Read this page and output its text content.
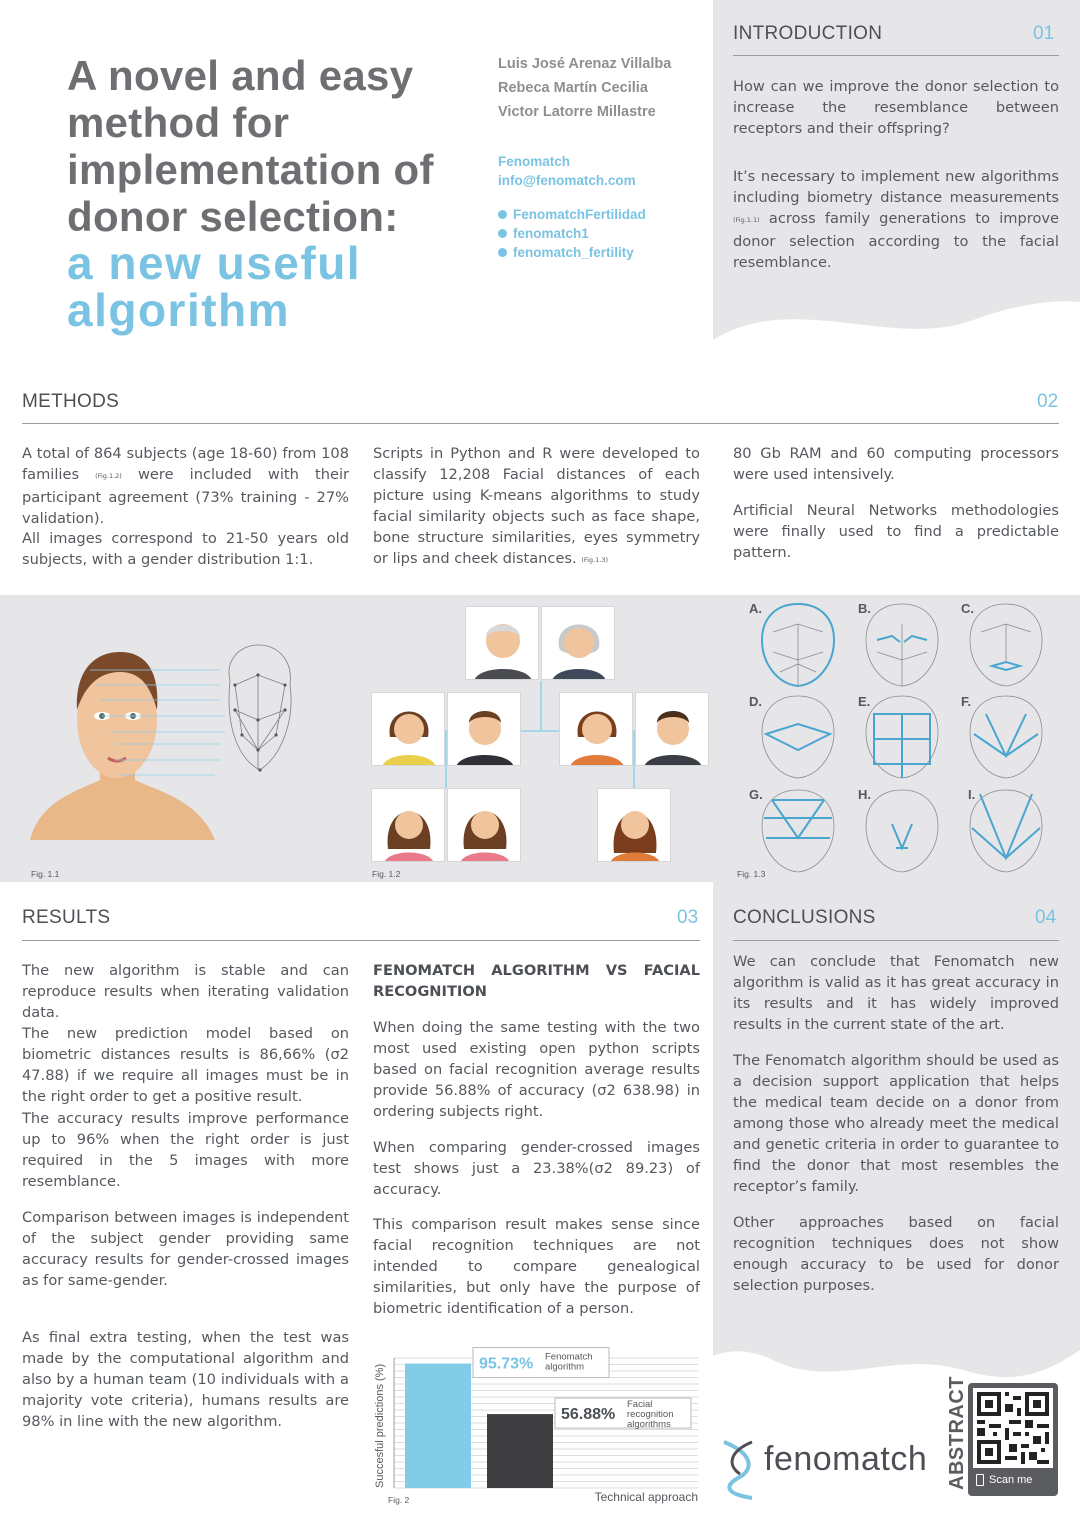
A novel and easy
method for
implementation of
donor selection:
a new useful
algorithm
Luis José Arenaz Villalba
Rebeca Martín Cecilia
Victor Latorre Millastre
Fenomatch
info@fenomatch.com
FenomatchFertilidad
fenomatch1
fenomatch_fertility
INTRODUCTION	01

How can we improve the donor selection to increase the resemblance between receptors and their offspring?

It’s necessary to implement new algorithms including biometry distance measurements (Fig.1.1) across family generations to improve donor selection according to the facial resemblance.

METHODS	02

A total of 864 subjects (age 18-60) from 108 families (Fig.1.2) were included with their participant agreement (73% training - 27% validation).

All images correspond to 21-50 years old subjects, with a gender distribution 1:1.

Scripts in Python and R were developed to classify 12,208 Facial distances of each picture using K-means algorithms to study facial similarity objects such as face shape, bone structure similarities, eyes symmetry or lips and cheek distances. (Fig.1.3)

80 Gb RAM and 60 computing processors were used intensively.

Artificial Neural Networks methodologies were finally used to find a predictable pattern.

Fig. 1.1	Fig. 1.2
A.	B.	C.
D.	E.	F.
G.	H.	I.
Fig. 1.3
RESULTS	03

The new algorithm is stable and can reproduce results when iterating validation data.

The new prediction model based on biometric distances results is 86,66% (σ2 47.88) if we require all images must be in the right order to get a positive result.

The accuracy results improve performance up to 96% when the right order is just required in the 5 images with more resemblance.

Comparison between images is independent of the subject gender providing same accuracy results for gender-crossed images as for same-gender.

As final extra testing, when the test was made by the computational algorithm and also by a human team (10 individuals with a majority vote criteria), humans results are 98% in line with the new algorithm.

FENOMATCH ALGORITHM VS FACIAL RECOGNITION

When doing the same testing with the two most used existing open python scripts based on facial recognition average results provide 56.88% of accuracy (σ2 638.98) in ordering subjects right.

When comparing gender-crossed images test shows just a 23.38%(σ2 89.23) of accuracy.

This comparison result makes sense since facial recognition techniques are not intended to compare genealogical similarities, but only have the purpose of biometric identification of a person.

95.73% Fenomatch
algorithm
56.88%
Facial
recognition
algorithms
Succesful predictions (%)
Technical approach
Fig. 2
CONCLUSIONS	04

We can conclude that Fenomatch new algorithm is valid as it has great accuracy in its results and it has widely improved results in the current state of the art.

The Fenomatch algorithm should be used as a decision support application that helps the medical team decide on a donor from among those who already meet the medical and genetic criteria in order to guarantee to find the donor that most resembles the receptor’s family.

Other approaches based on facial recognition techniques does not show enough accuracy to be used for donor selection purposes.

fenomatch ABSTRACT Scan me
